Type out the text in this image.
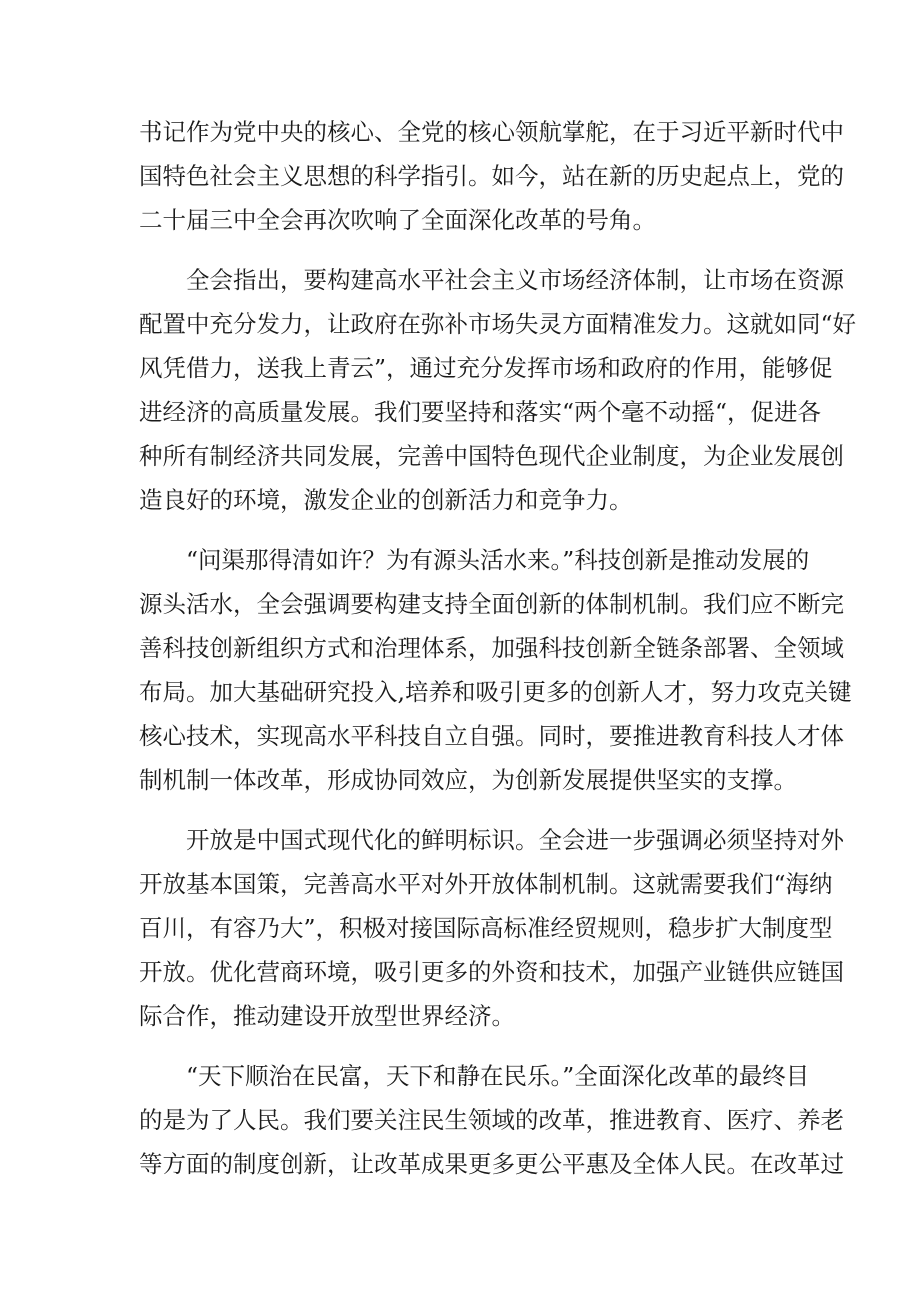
书记作为党中央的核心、全党的核心领航掌舵，在于习近平新时代中

国特色社会主义思想的科学指引。如今，站在新的历史起点上，党的

二十届三中全会再次吹响了全面深化改革的号角。

全会指出，要构建高水平社会主义市场经济体制，让市场在资源

配置中充分发力，让政府在弥补市场失灵方面精准发力。这就如同“好

风凭借力，送我上青云”，通过充分发挥市场和政府的作用，能够促

进经济的高质量发展。我们要坚持和落实“两个毫不动摇“，促进各

种所有制经济共同发展，完善中国特色现代企业制度，为企业发展创

造良好的环境，激发企业的创新活力和竞争力。

“问渠那得清如许？为有源头活水来。”科技创新是推动发展的

源头活水，全会强调要构建支持全面创新的体制机制。我们应不断完

善科技创新组织方式和治理体系，加强科技创新全链条部署、全领域

布局。加大基础研究投入,培养和吸引更多的创新人才，努力攻克关键

核心技术，实现高水平科技自立自强。同时，要推进教育科技人才体

制机制一体改革，形成协同效应，为创新发展提供坚实的支撑。

开放是中国式现代化的鲜明标识。全会进一步强调必须坚持对外

开放基本国策，完善高水平对外开放体制机制。这就需要我们“海纳

百川，有容乃大”，积极对接国际高标准经贸规则，稳步扩大制度型

开放。优化营商环境，吸引更多的外资和技术，加强产业链供应链国

际合作，推动建设开放型世界经济。

“天下顺治在民富，天下和静在民乐。”全面深化改革的最终目

的是为了人民。我们要关注民生领域的改革，推进教育、医疗、养老

等方面的制度创新，让改革成果更多更公平惠及全体人民。在改革过
